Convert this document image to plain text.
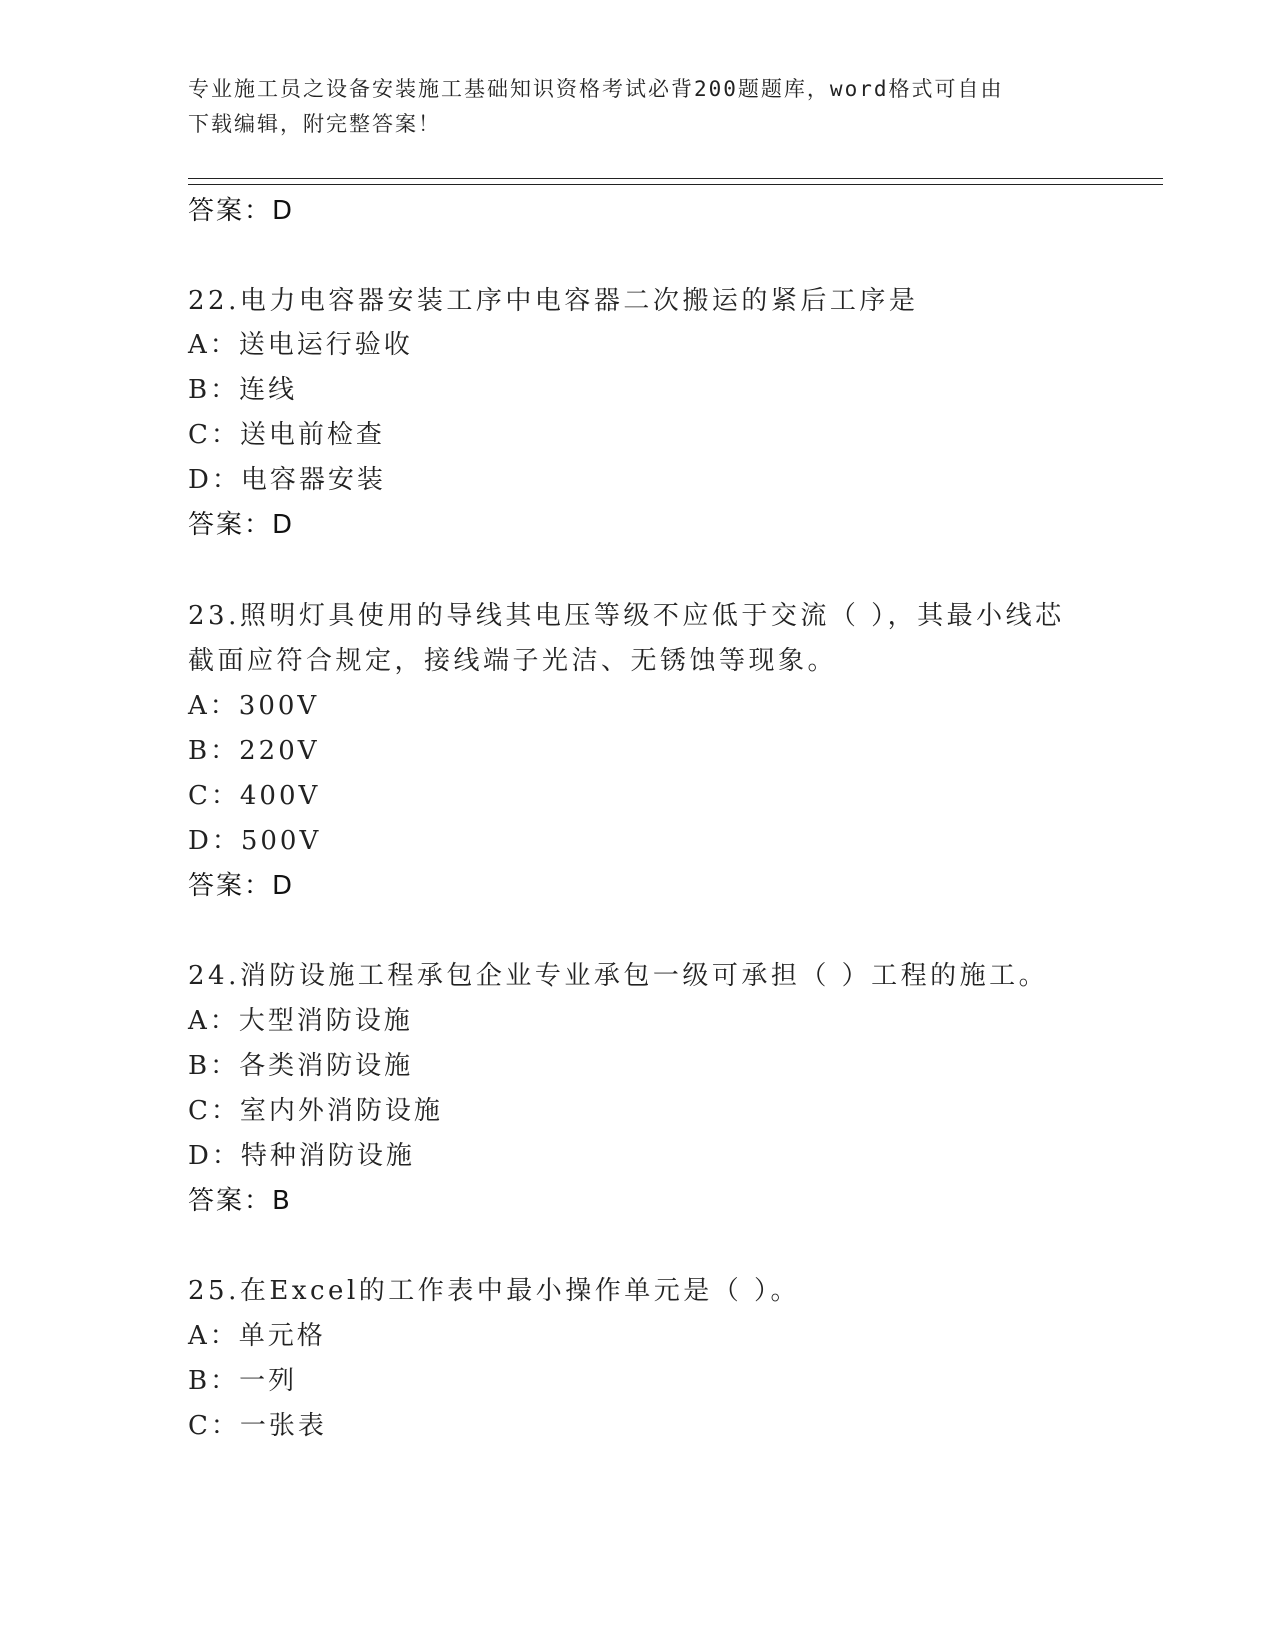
专业施工员之设备安装施工基础知识资格考试必背200题题库，word格式可自由
下载编辑，附完整答案！
答案：D
22.电力电容器安装工序中电容器二次搬运的紧后工序是
A：送电运行验收
B：连线
C：送电前检查
D：电容器安装
答案：D
23.照明灯具使用的导线其电压等级不应低于交流（ ），其最小线芯
截面应符合规定，接线端子光洁、无锈蚀等现象。
A：300V
B：220V
C：400V
D：500V
答案：D
24.消防设施工程承包企业专业承包一级可承担（ ）工程的施工。
A：大型消防设施
B：各类消防设施
C：室内外消防设施
D：特种消防设施
答案：B
25.在Excel的工作表中最小操作单元是（ ）。
A：单元格
B：一列
C：一张表
